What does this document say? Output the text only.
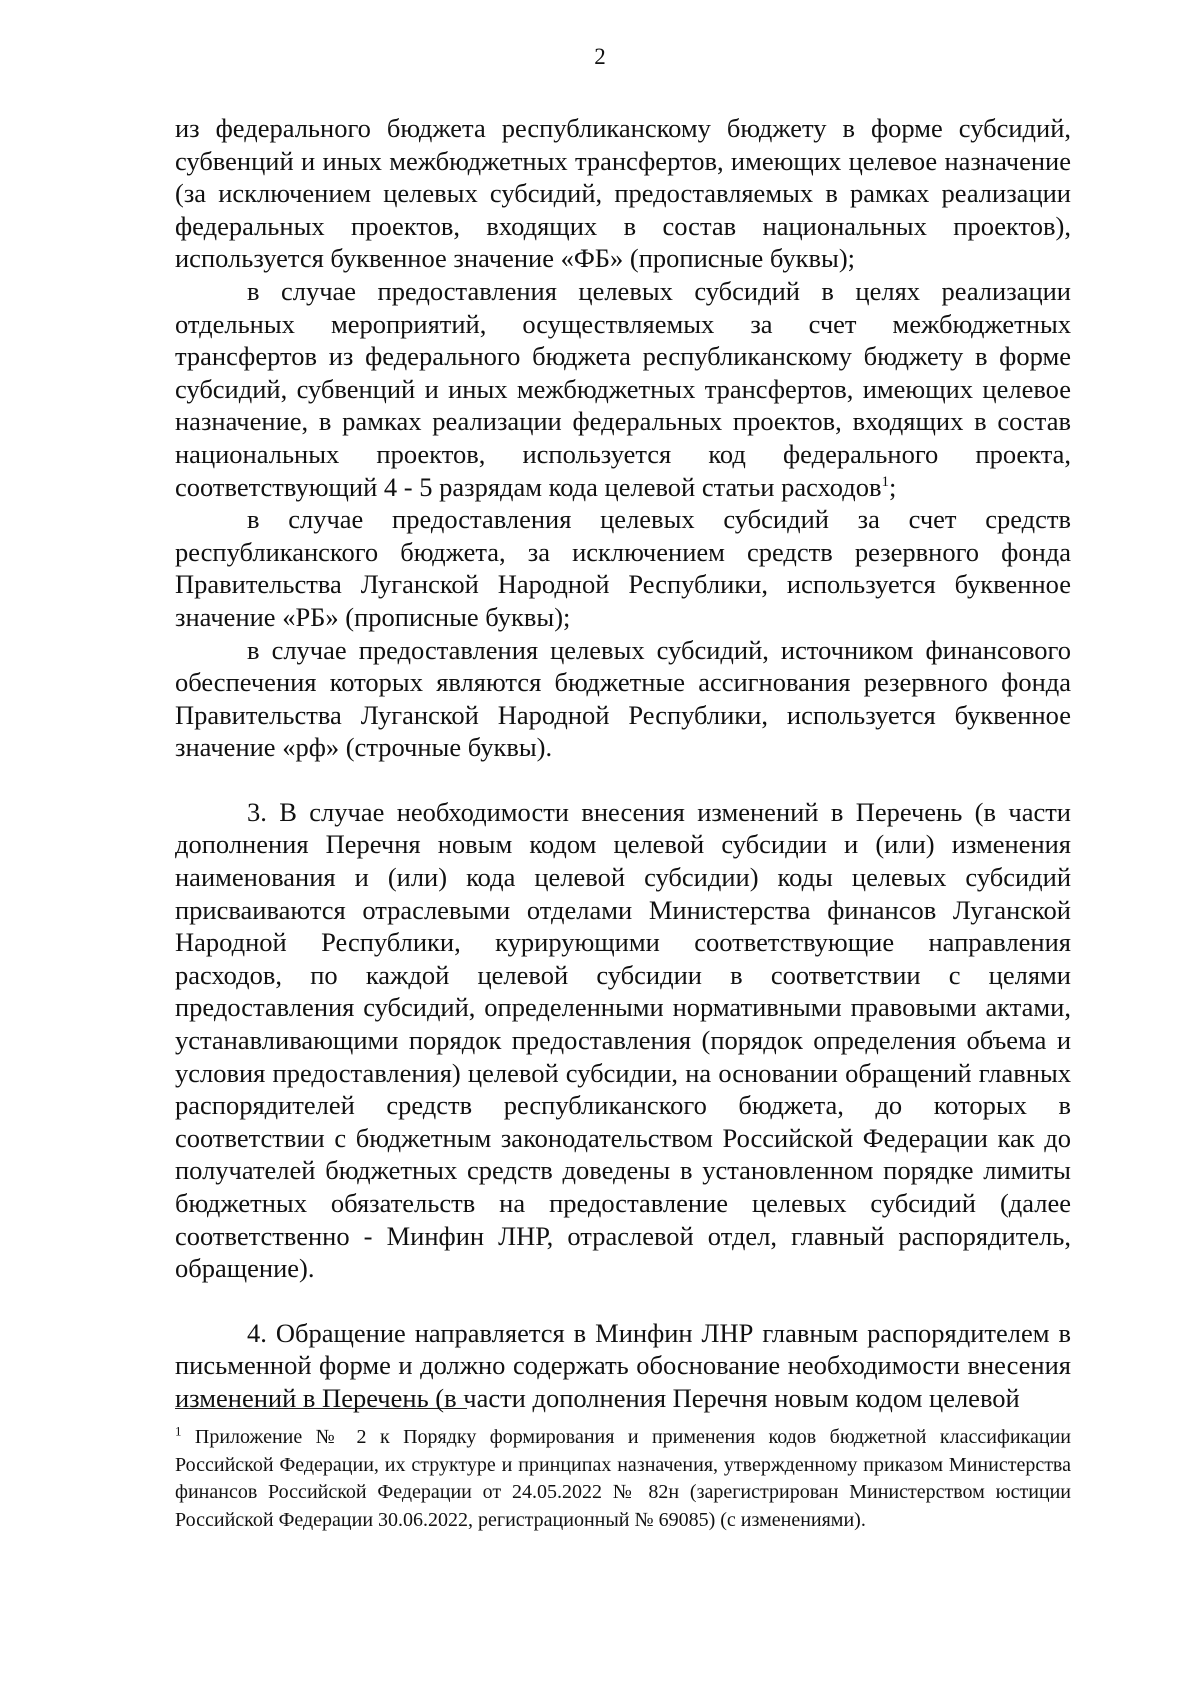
2

из федерального бюджета республиканскому бюджету в форме субсидий, субвенций и иных межбюджетных трансфертов, имеющих целевое назначение (за исключением целевых субсидий, предоставляемых в рамках реализации федеральных проектов, входящих в состав национальных проектов), используется буквенное значение «ФБ» (прописные буквы);

в случае предоставления целевых субсидий в целях реализации отдельных мероприятий, осуществляемых за счет межбюджетных трансфертов из федерального бюджета республиканскому бюджету в форме субсидий, субвенций и иных межбюджетных трансфертов, имеющих целевое назначение, в рамках реализации федеральных проектов, входящих в состав национальных проектов, используется код федерального проекта, соответствующий 4 - 5 разрядам кода целевой статьи расходов$^1$;

в случае предоставления целевых субсидий за счет средств республиканского бюджета, за исключением средств резервного фонда Правительства Луганской Народной Республики, используется буквенное значение «РБ» (прописные буквы);

в случае предоставления целевых субсидий, источником финансового обеспечения которых являются бюджетные ассигнования резервного фонда Правительства Луганской Народной Республики, используется буквенное значение «рф» (строчные буквы).

3. В случае необходимости внесения изменений в Перечень (в части дополнения Перечня новым кодом целевой субсидии и (или) изменения наименования и (или) кода целевой субсидии) коды целевых субсидий присваиваются отраслевыми отделами Министерства финансов Луганской Народной Республики, курирующими соответствующие направления расходов, по каждой целевой субсидии в соответствии с целями предоставления субсидий, определенными нормативными правовыми актами, устанавливающими порядок предоставления (порядок определения объема и условия предоставления) целевой субсидии, на основании обращений главных распорядителей средств республиканского бюджета, до которых в соответствии с бюджетным законодательством Российской Федерации как до получателей бюджетных средств доведены в установленном порядке лимиты бюджетных обязательств на предоставление целевых субсидий (далее соответственно - Минфин ЛНР, отраслевой отдел, главный распорядитель, обращение).

4. Обращение направляется в Минфин ЛНР главным распорядителем в письменной форме и должно содержать обоснование необходимости внесения изменений в Перечень (в части дополнения Перечня новым кодом целевой

$^1$ Приложение № 2 к Порядку формирования и применения кодов бюджетной классификации Российской Федерации, их структуре и принципах назначения, утвержденному приказом Министерства финансов Российской Федерации от 24.05.2022 № 82н (зарегистрирован Министерством юстиции Российской Федерации 30.06.2022, регистрационный № 69085) (с изменениями).
